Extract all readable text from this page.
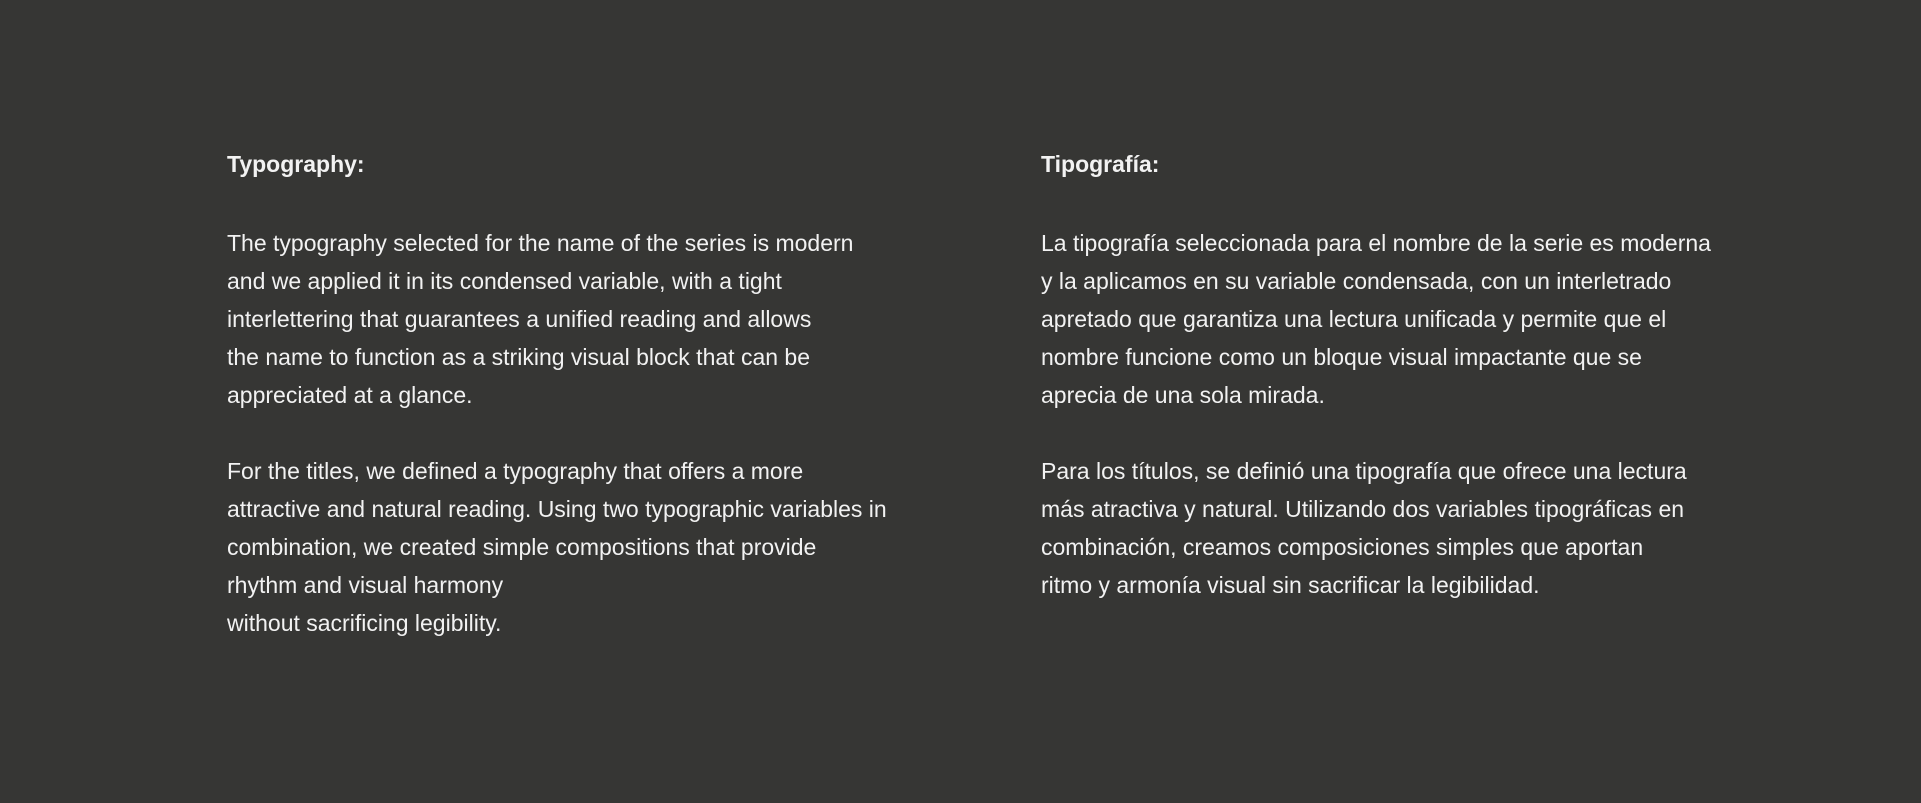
Typography:
The typography selected for the name of the series is modern
and we applied it in its condensed variable, with a tight
interlettering that guarantees a unified reading and allows
the name to function as a striking visual block that can be
appreciated at a glance.
For the titles, we defined a typography that offers a more
attractive and natural reading. Using two typographic variables in
combination, we created simple compositions that provide
rhythm and visual harmony
without sacrificing legibility.
Tipografía:
La tipografía seleccionada para el nombre de la serie es moderna
y la aplicamos en su variable condensada, con un interletrado
apretado que garantiza una lectura unificada y permite que el
nombre funcione como un bloque visual impactante que se
aprecia de una sola mirada.
Para los títulos, se definió una tipografía que ofrece una lectura
más atractiva y natural. Utilizando dos variables tipográficas en
combinación, creamos composiciones simples que aportan
ritmo y armonía visual sin sacrificar la legibilidad.
